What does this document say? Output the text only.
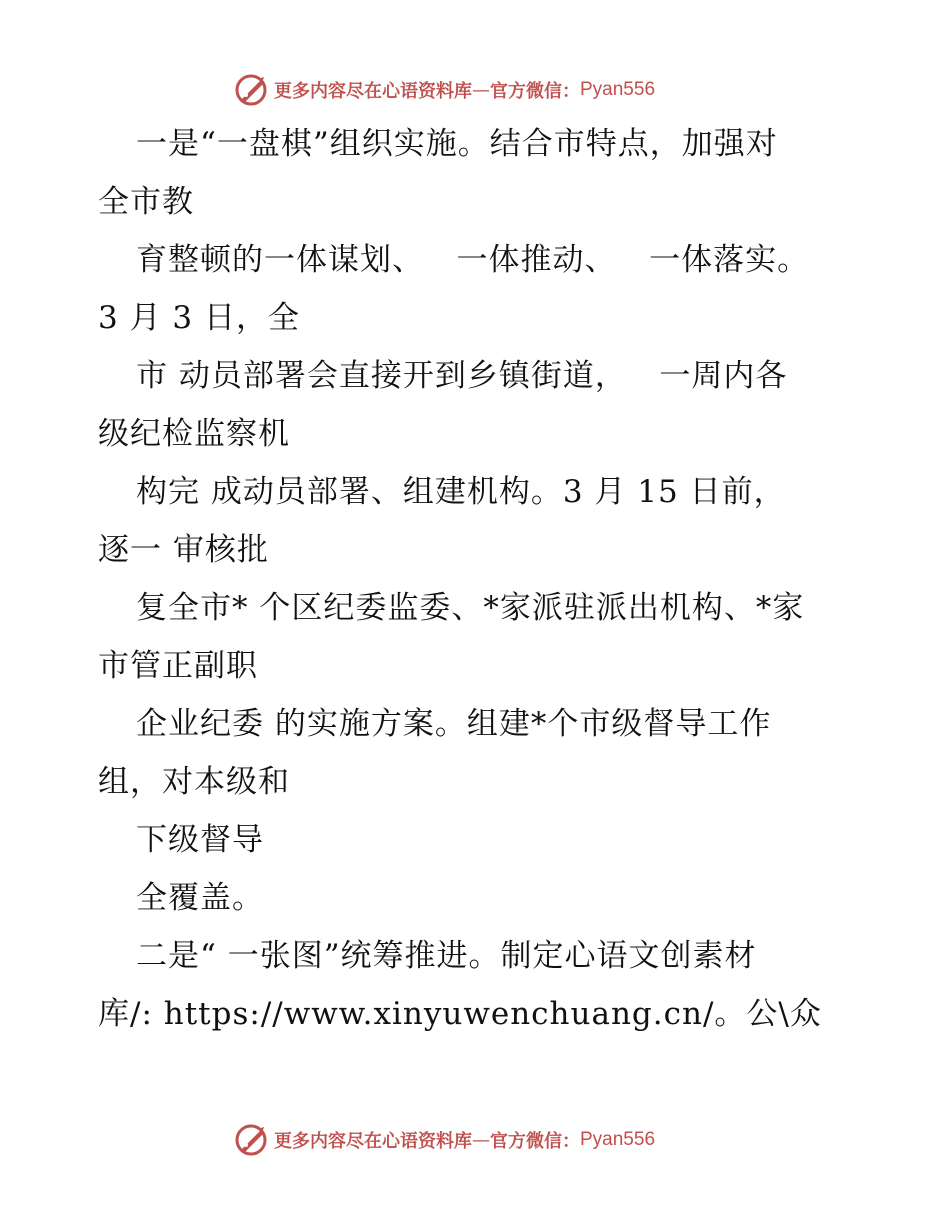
更多内容尽在心语资料库 — 官方微信： Pyan556
一是“一盘棋”组织实施。结合市特点，加强对
全市教
育整顿的一体谋划、   一体推动、   一体落实。
3 月 3 日，全
市 动员部署会直接开到乡镇街道，   一周内各
级纪检监察机
构完 成动员部署、组建机构。3 月 15 日前，
逐一 审核批
复全市* 个区纪委监委、*家派驻派出机构、*家
市管正副职
企业纪委 的实施方案。组建*个市级督导工作
组，对本级和
下级督导
全覆盖。
二是“ 一张图”统筹推进。制定心语文创素材
库/: https://www.xinyuwenchuang.cn/。公\众
更多内容尽在心语资料库 — 官方微信： Pyan556
